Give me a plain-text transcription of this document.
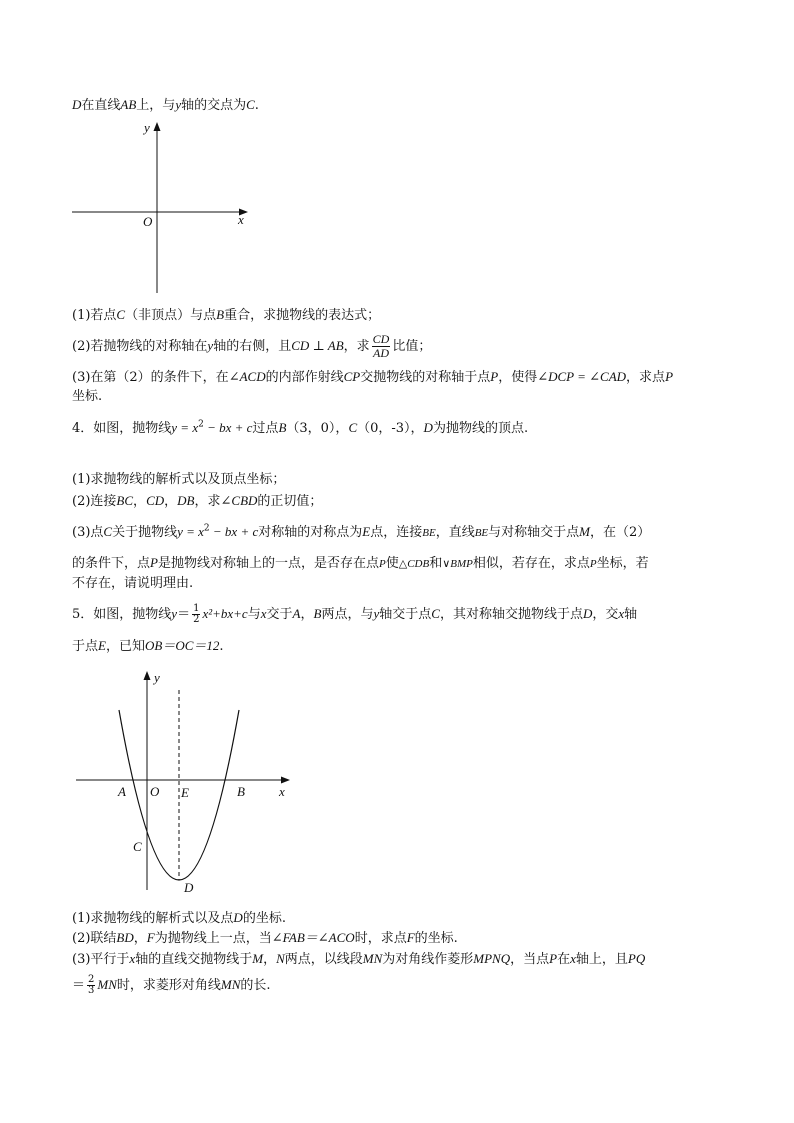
D在直线AB上，与y轴的交点为C.
y
x
O
(1)若点C（非顶点）与点B重合，求抛物线的表达式；
(2)若抛物线的对称轴在y轴的右侧，且CD ⊥ AB，求 $\frac{CD}{AD}$ 比值；
(3)在第（2）的条件下，在∠ACD的内部作射线CP交抛物线的对称轴于点P，使得∠DCP = ∠CAD，求点P
坐标.
4．如图，抛物线$y = x^2$ − bx + c过点B（3，0），C（0，-3），D为抛物线的顶点.
(1)求抛物线的解析式以及顶点坐标；
(2)连接BC，CD，DB，求∠CBD的正切值；
(3)点C关于抛物线$y = x^2$ − bx + c对称轴的对称点为E点，连接BE，直线BE与对称轴交于点M，在（2）
的条件下，点P是抛物线对称轴上的一点，是否存在点P使△CDB和∨BMP相似，若存在，求点P坐标，若
不存在，请说明理由.
5．如图，抛物线$y= \frac{1}{2} x^2+bx+c$与x交于A，B两点，与y轴交于点C，其对称轴交抛物线于点D，交x轴
于点E，已知OB＝OC＝12.
y
x
A O E	B
C
D
(1)求抛物线的解析式以及点D的坐标.
(2)联结BD，F为抛物线上一点，当∠FAB＝∠ACO时，求点F的坐标.
(3)平行于x轴的直线交抛物线于M，N两点，以线段MN为对角线作菱形MPNQ，当点P在x轴上，且PQ
＝ $\frac{2}{3}$ MN时，求菱形对角线MN的长.
